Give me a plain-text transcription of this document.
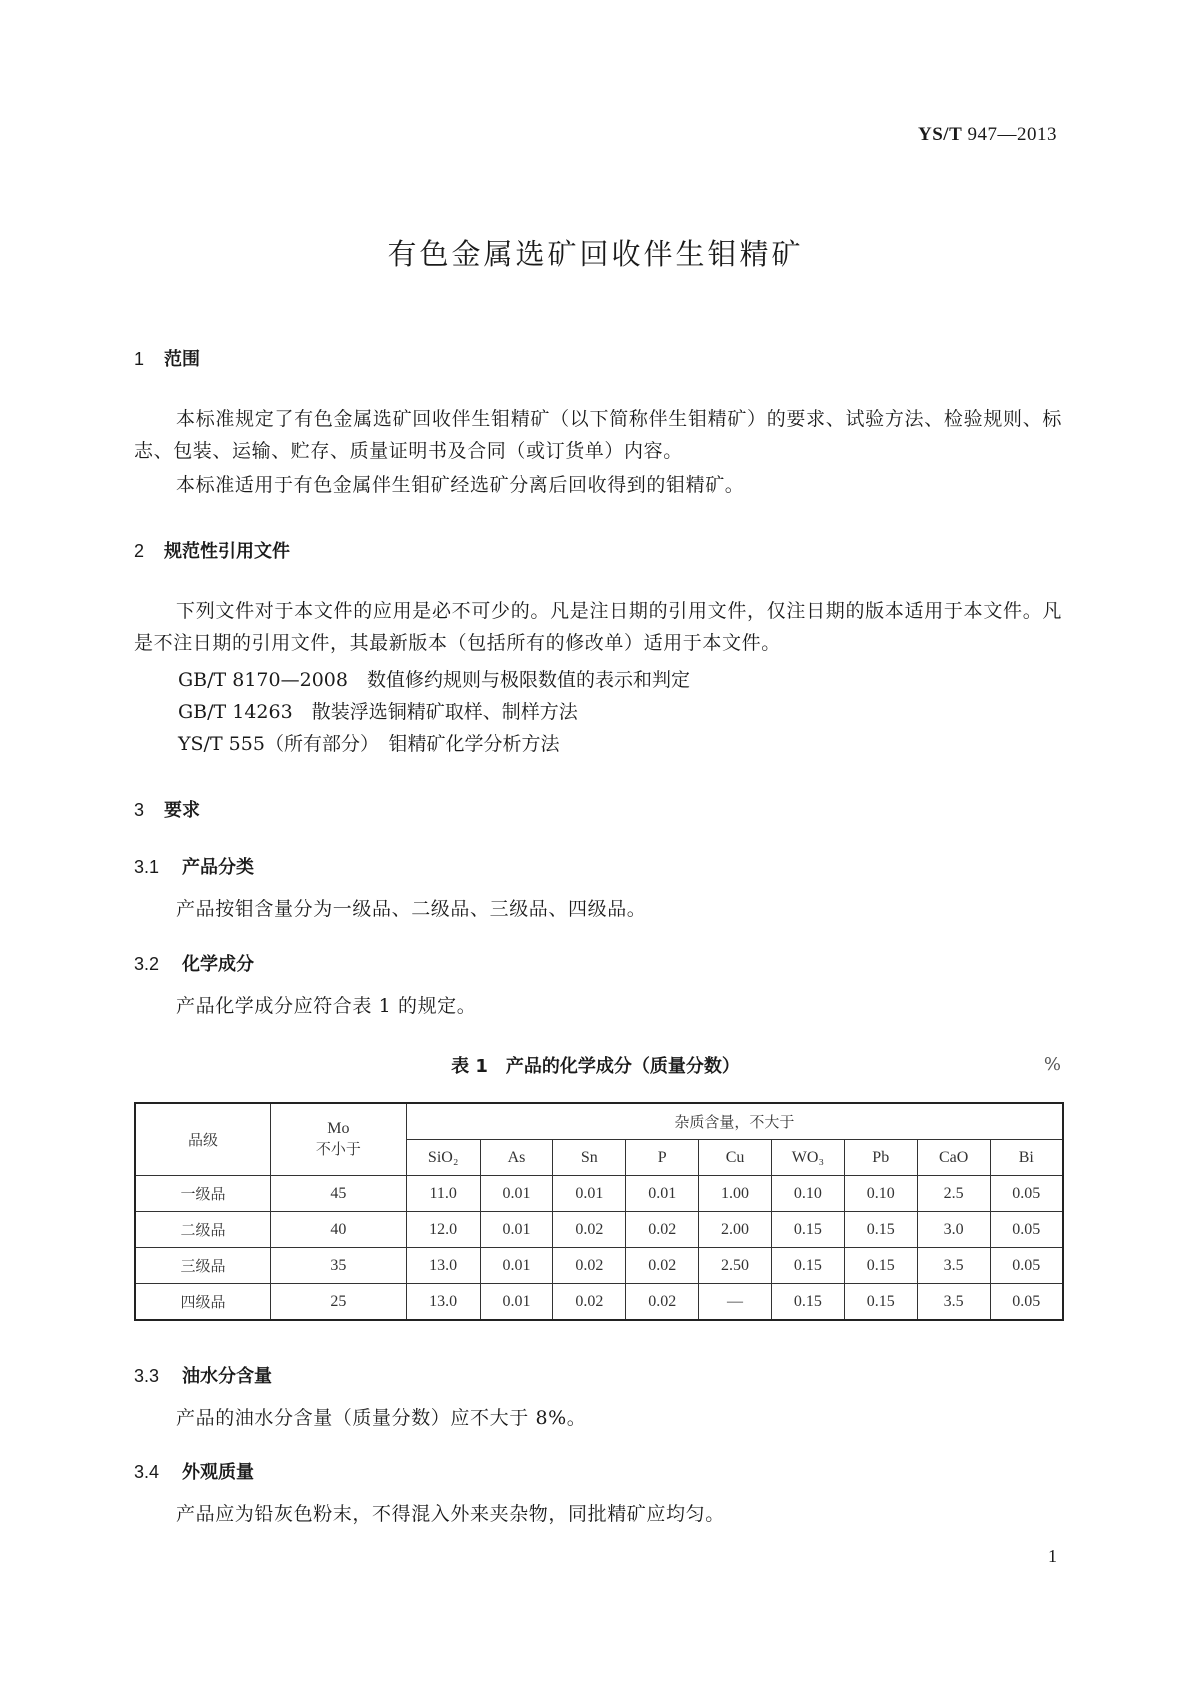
YS/T 947—2013
有色金属选矿回收伴生钼精矿
1 范围
本标准规定了有色金属选矿回收伴生钼精矿（以下简称伴生钼精矿）的要求、试验方法、检验规则、标志、包装、运输、贮存、质量证明书及合同（或订货单）内容。
本标准适用于有色金属伴生钼矿经选矿分离后回收得到的钼精矿。
2 规范性引用文件
下列文件对于本文件的应用是必不可少的。凡是注日期的引用文件，仅注日期的版本适用于本文件。凡是不注日期的引用文件，其最新版本（包括所有的修改单）适用于本文件。
GB/T 8170—2008　 数值修约规则与极限数值的表示和判定
GB/T 14263　 散装浮选铜精矿取样、制样方法
YS/T 555（所有部分）　 钼精矿化学分析方法
3 要求
3.1 产品分类
产品按钼含量分为一级品、二级品、三级品、四级品。
3.2 化学成分
产品化学成分应符合表 1 的规定。
表 1　产品的化学成分（质量分数）	%
品级	Mo
不小于	杂质含量，不大于								
		SiO₂	As	Sn	P	Cu	WO₃	Pb	CaO	Bi
一级品	45	11.0	0.01	0.01	0.01	1.00	0.10	0.10	2.5	0.05
二级品	40	12.0	0.01	0.02	0.02	2.00	0.15	0.15	3.0	0.05
三级品	35	13.0	0.01	0.02	0.02	2.50	0.15	0.15	3.5	0.05
四级品	25	13.0	0.01	0.02	0.02	—	0.15	0.15	3.5	0.05
3.3 油水分含量
产品的油水分含量（质量分数）应不大于 8%。
3.4 外观质量
产品应为铅灰色粉末，不得混入外来夹杂物，同批精矿应均匀。
1
